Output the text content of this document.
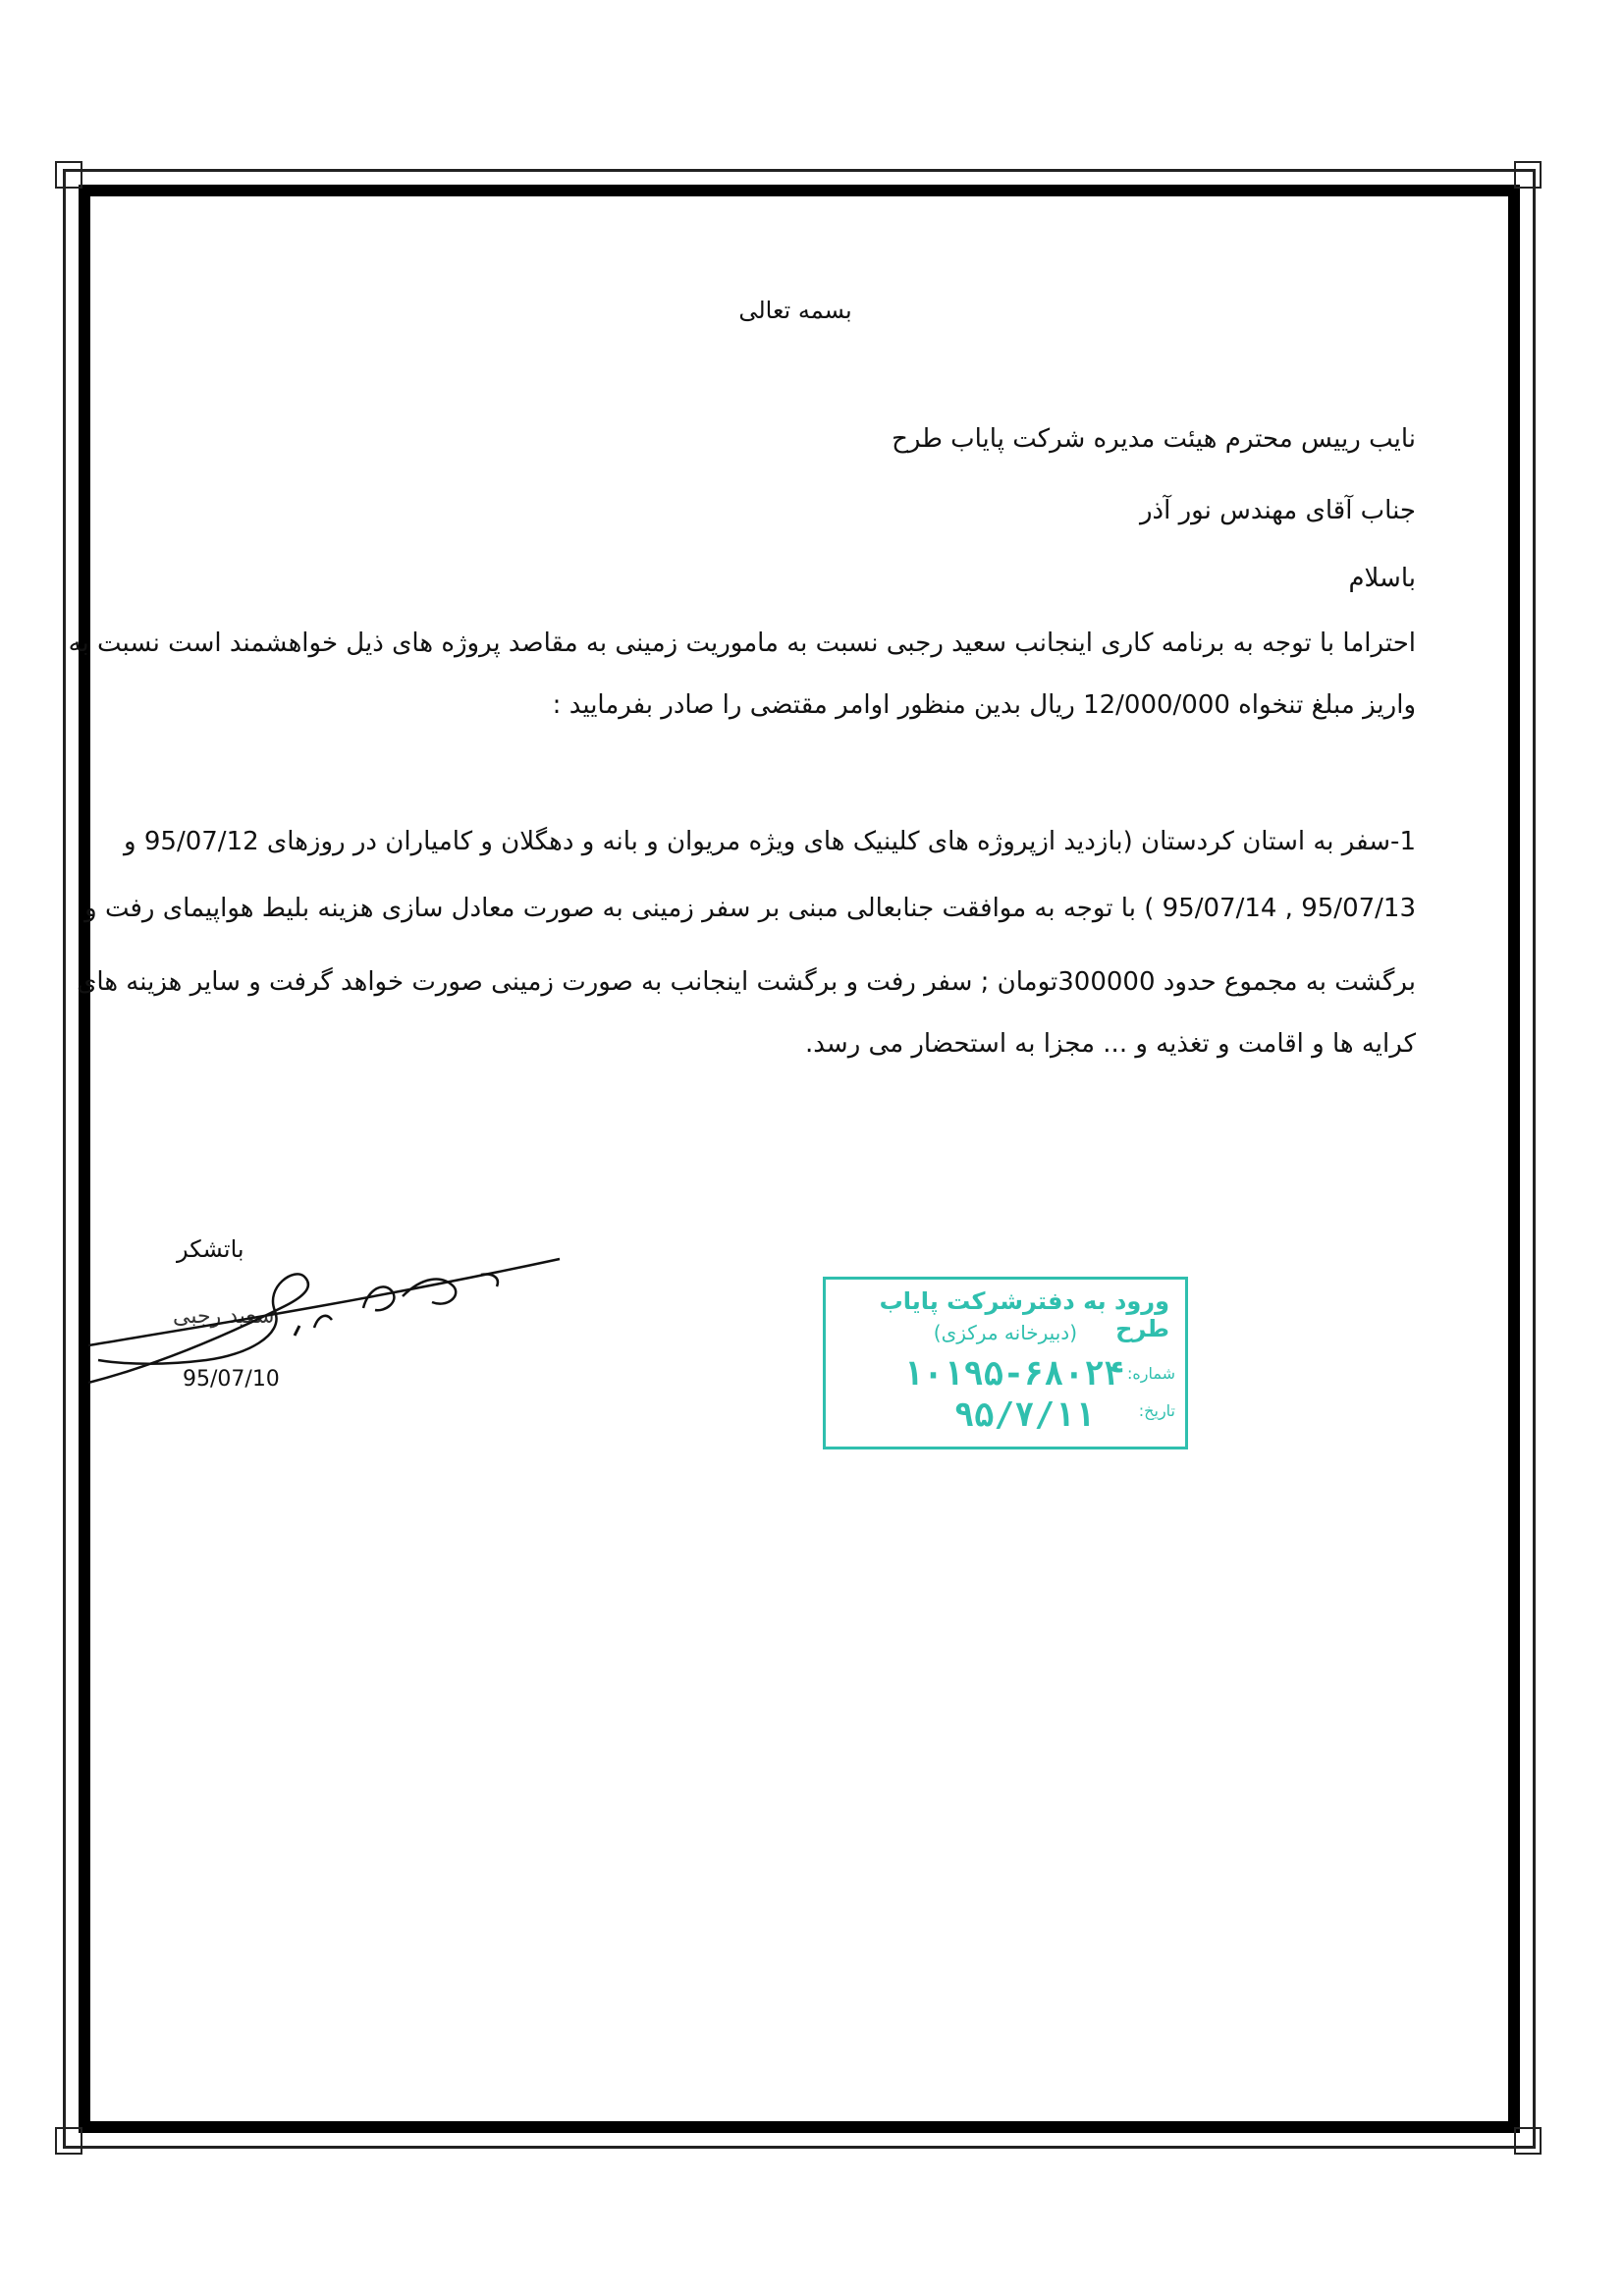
بسمه تعالی
نایب رییس محترم هیئت مدیره شرکت پایاب طرح
جناب آقای مهندس نور آذر
باسلام
احتراما با توجه به برنامه کاری اینجانب سعید رجبی نسبت به ماموریت زمینی به مقاصد پروژه های ذیل خواهشمند است نسبت به
واریز مبلغ تنخواه 12/000/000 ریال بدین منظور اوامر مقتضی را صادر بفرمایید :
1-سفر به استان کردستان (بازدید ازپروژه های کلینیک های ویژه مریوان و بانه و دهگلان و کامیاران در روزهای 95/07/12 و
95/07/13 , 95/07/14 ) با توجه به موافقت جنابعالی مبنی بر سفر زمینی به صورت معادل سازی هزینه بلیط هواپیمای رفت و
برگشت به مجموع حدود 300000تومان ; سفر رفت و برگشت اینجانب به صورت زمینی صورت خواهد گرفت و سایر هزینه های
کرایه ها و اقامت و تغذیه و ... مجزا به استحضار می رسد.
باتشکر
سعید رجبی
95/07/10
ورود به دفترشرکت پایاب طرح
(دبیرخانه مرکزی)
شماره:
۱۰۱۹۵-۶۸۰۲۴
تاریخ:
۹۵/۷/۱۱
